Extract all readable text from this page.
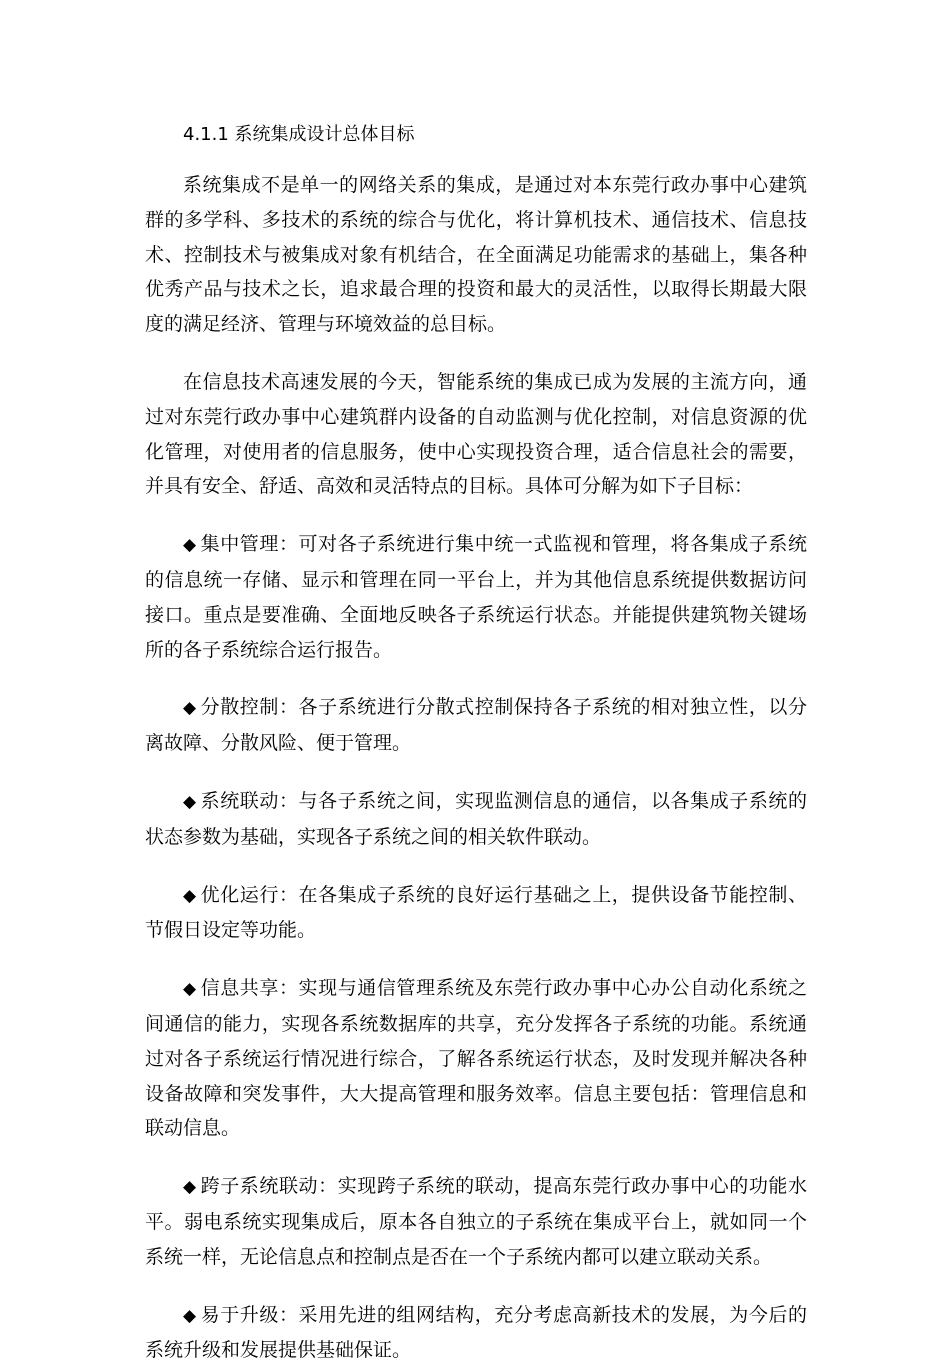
4.1.1 系统集成设计总体目标

系统集成不是单一的网络关系的集成，是通过对本东莞行政办事中心建筑群的多学科、多技术的系统的综合与优化，将计算机技术、通信技术、信息技术、控制技术与被集成对象有机结合，在全面满足功能需求的基础上，集各种优秀产品与技术之长，追求最合理的投资和最大的灵活性，以取得长期最大限度的满足经济、管理与环境效益的总目标。

在信息技术高速发展的今天，智能系统的集成已成为发展的主流方向，通过对东莞行政办事中心建筑群内设备的自动监测与优化控制，对信息资源的优化管理，对使用者的信息服务，使中心实现投资合理，适合信息社会的需要，并具有安全、舒适、高效和灵活特点的目标。具体可分解为如下子目标：

◆ 集中管理：可对各子系统进行集中统一式监视和管理，将各集成子系统的信息统一存储、显示和管理在同一平台上，并为其他信息系统提供数据访问接口。重点是要准确、全面地反映各子系统运行状态。并能提供建筑物关键场所的各子系统综合运行报告。

◆ 分散控制：各子系统进行分散式控制保持各子系统的相对独立性，以分离故障、分散风险、便于管理。

◆ 系统联动：与各子系统之间，实现监测信息的通信，以各集成子系统的状态参数为基础，实现各子系统之间的相关软件联动。

◆ 优化运行：在各集成子系统的良好运行基础之上，提供设备节能控制、节假日设定等功能。

◆ 信息共享：实现与通信管理系统及东莞行政办事中心办公自动化系统之间通信的能力，实现各系统数据库的共享，充分发挥各子系统的功能。系统通过对各子系统运行情况进行综合，了解各系统运行状态，及时发现并解决各种设备故障和突发事件，大大提高管理和服务效率。信息主要包括：管理信息和联动信息。

◆ 跨子系统联动：实现跨子系统的联动，提高东莞行政办事中心的功能水平。弱电系统实现集成后，原本各自独立的子系统在集成平台上，就如同一个系统一样，无论信息点和控制点是否在一个子系统内都可以建立联动关系。

◆ 易于升级：采用先进的组网结构，充分考虑高新技术的发展，为今后的系统升级和发展提供基础保证。
